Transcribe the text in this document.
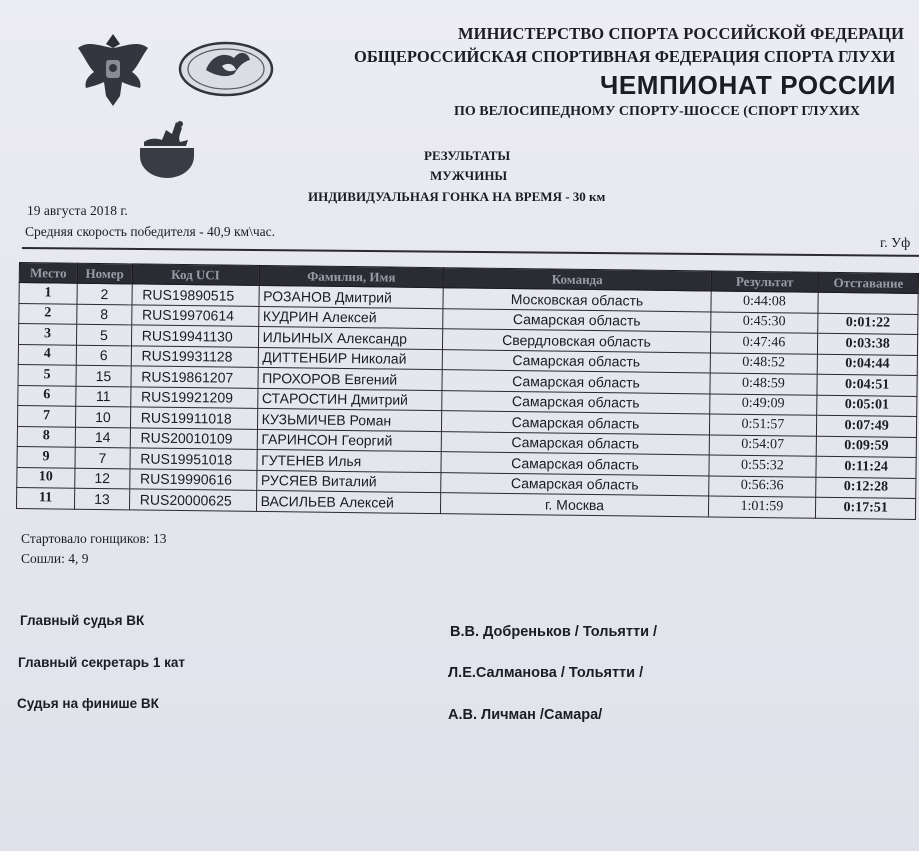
МИНИСТЕРСТВО СПОРТА РОССИЙСКОЙ ФЕДЕРАЦИ
ОБЩЕРОССИЙСКАЯ СПОРТИВНАЯ ФЕДЕРАЦИЯ СПОРТА ГЛУХИ
ЧЕМПИОНАТ РОССИИ
ПО ВЕЛОСИПЕДНОМУ СПОРТУ-ШОССЕ (СПОРТ ГЛУХИХ
РЕЗУЛЬТАТЫ
МУЖЧИНЫ
ИНДИВИДУАЛЬНАЯ ГОНКА НА ВРЕМЯ - 30 км
19 августа 2018 г.
Средняя скорость победителя - 40,9 км\час.
г. Уф
Место	Номер	Код UCI	Фамилия, Имя	Команда	Результат	Отставание
1	2	RUS19890515	РОЗАНОВ Дмитрий	Московская область	0:44:08	
2	8	RUS19970614	КУДРИН Алексей	Самарская область	0:45:30	0:01:22
3	5	RUS19941130	ИЛЬИНЫХ Александр	Свердловская область	0:47:46	0:03:38
4	6	RUS19931128	ДИТТЕНБИР Николай	Самарская область	0:48:52	0:04:44
5	15	RUS19861207	ПРОХОРОВ Евгений	Самарская область	0:48:59	0:04:51
6	11	RUS19921209	СТАРОСТИН Дмитрий	Самарская область	0:49:09	0:05:01
7	10	RUS19911018	КУЗЬМИЧЕВ Роман	Самарская область	0:51:57	0:07:49
8	14	RUS20010109	ГАРИНСОН Георгий	Самарская область	0:54:07	0:09:59
9	7	RUS19951018	ГУТЕНЕВ Илья	Самарская область	0:55:32	0:11:24
10	12	RUS19990616	РУСЯЕВ Виталий	Самарская область	0:56:36	0:12:28
11	13	RUS20000625	ВАСИЛЬЕВ Алексей	г. Москва	1:01:59	0:17:51
Стартовало гонщиков: 13
Сошли: 4, 9
Главный судья ВК
В.В. Добреньков / Тольятти /
Главный секретарь 1 кат
Л.Е.Салманова / Тольятти /
Судья на финише ВК
А.В. Личман /Самара/
